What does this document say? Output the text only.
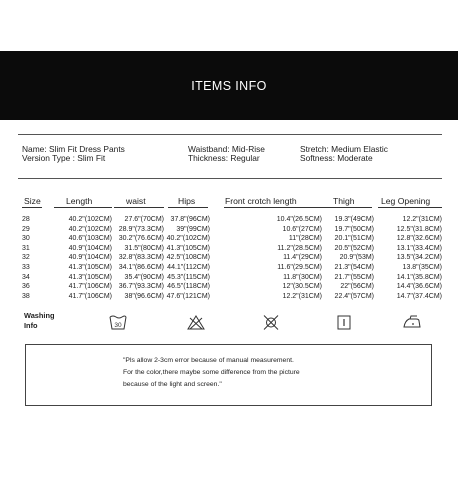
ITEMS INFO
Name: Slim Fit Dress Pants
Version Type : Slim Fit
Waistband: Mid-Rise
Thickness: Regular
Stretch: Medium Elastic
Softness: Moderate
Size	Length	waist	Hips	Front crotch length	Thigh	Leg Opening
28	40.2"(102CM)	27.6"(70CM) 37.8"(96CM)	10.4"(26.5CM)	19.3"(49CM)	12.2"(31CM)
29	40.2"(102CM) 28.9"(73.3CM)	39"(99CM)	10.6"(27CM)	19.7"(50CM)	12.5"(31.8CM)
30	40.6"(103CM) 30.2"(76.6CM) 40.2"(102CM)	11"(28CM)	20.1"(51CM)	12.8"(32.6CM)
31	40.9"(104CM)	31.5"(80CM) 41.3"(105CM)	11.2"(28.5CM)	20.5"(52CM)	13.1"(33.4CM)
32	40.9"(104CM) 32.8"(83.3CM) 42.5"(108CM)	11.4"(29CM)	20.9"(53M)	13.5"(34.2CM)
33	41.3"(105CM) 34.1"(86.6CM) 44.1"(112CM)	11.6"(29.5CM)	21.3"(54CM)	13.8"(35CM)
34	41.3"(105CM)	35.4"(90CM) 45.3"(115CM)	11.8"(30CM)	21.7"(55CM)	14.1"(35.8CM)
36	41.7"(106CM) 36.7"(93.3CM) 46.5"(118CM)	12"(30.5CM)	22"(56CM)	14.4"(36.6CM)
38	41.7"(106CM)	38"(96.6CM) 47.6"(121CM)	12.2"(31CM)	22.4"(57CM)	14.7"(37.4CM)
Washing
Info	30
"Pls allow 2-3cm error because of manual measurement.
For the color,there maybe some difference from the picture
because of the light and screen."
